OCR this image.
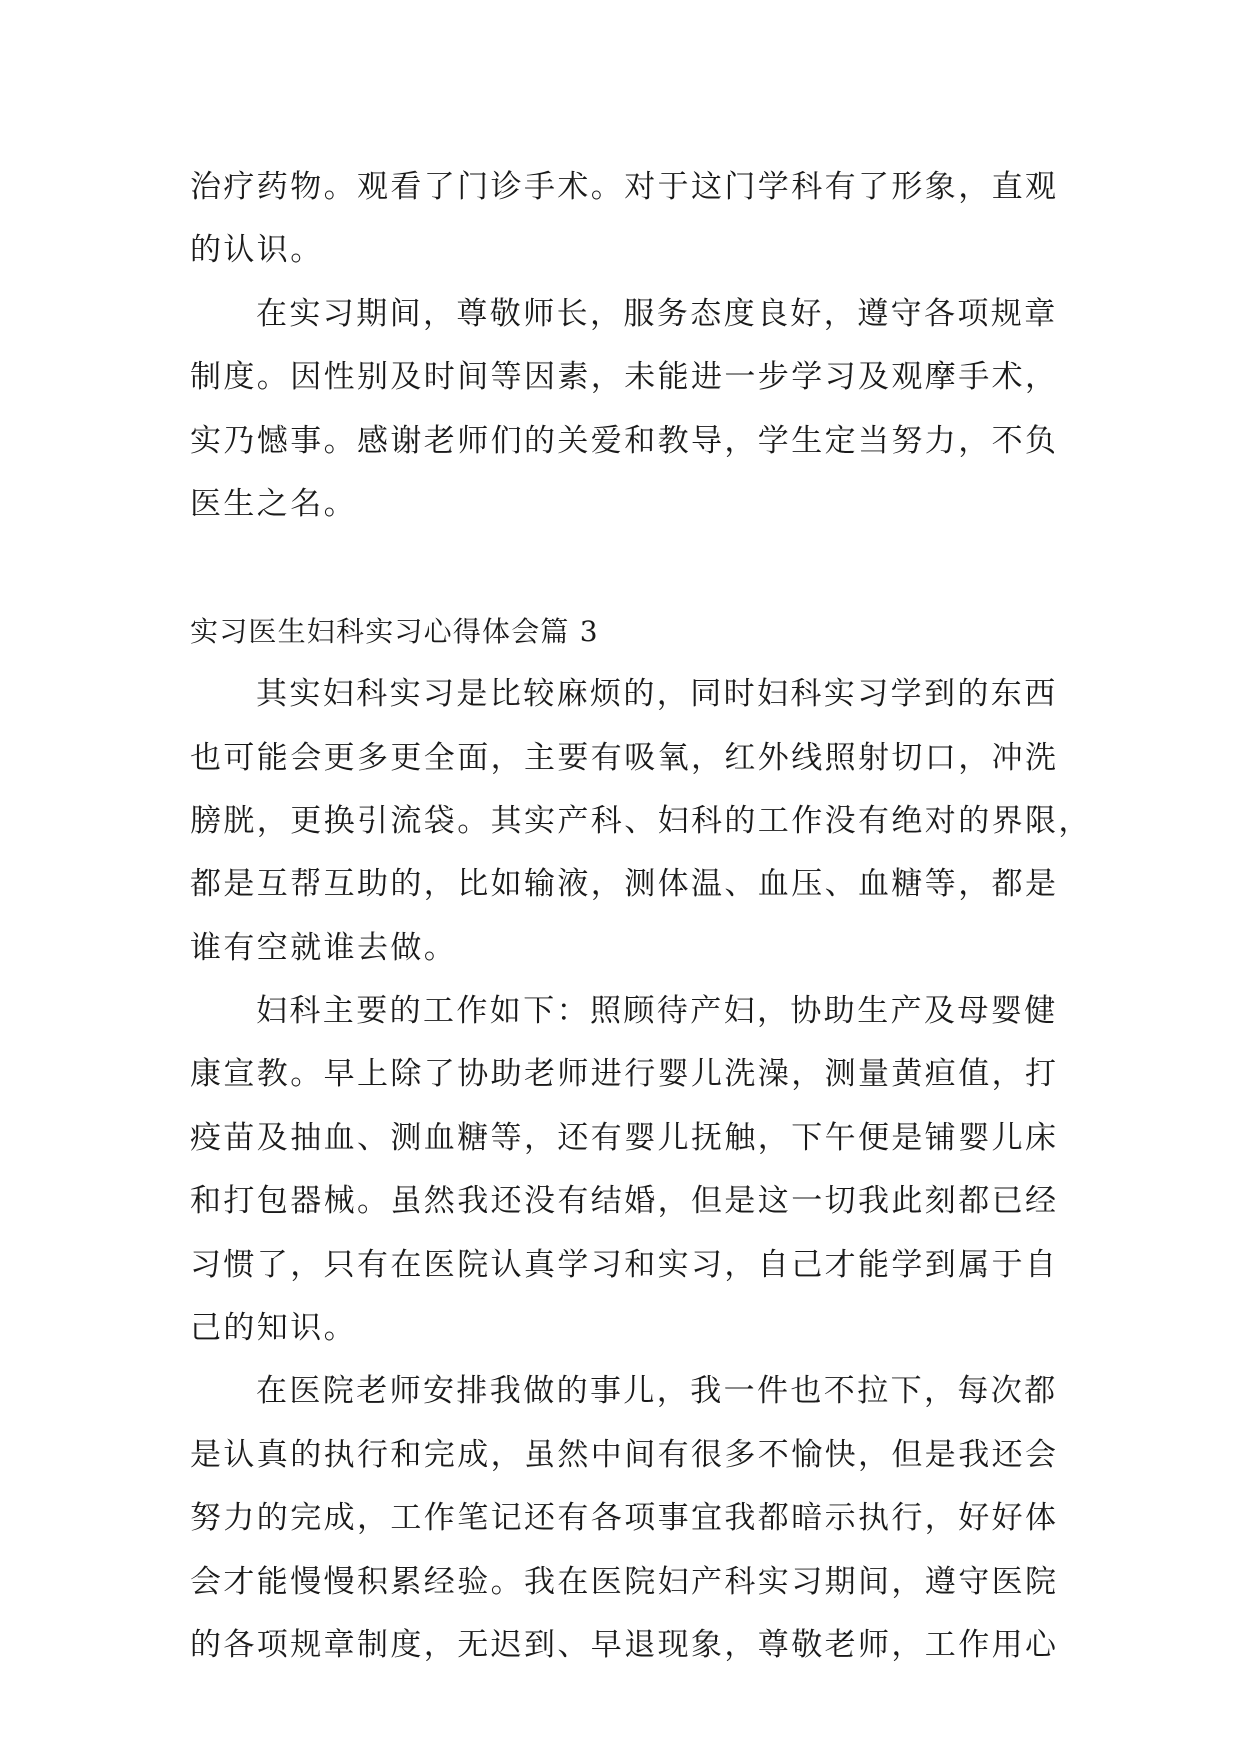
治疗药物。观看了门诊手术。对于这门学科有了形象，直观
的认识。
在实习期间，尊敬师长，服务态度良好，遵守各项规章
制度。因性别及时间等因素，未能进一步学习及观摩手术，
实乃憾事。感谢老师们的关爱和教导，学生定当努力，不负
医生之名。
实习医生妇科实习心得体会篇 3
其实妇科实习是比较麻烦的，同时妇科实习学到的东西
也可能会更多更全面，主要有吸氧，红外线照射切口，冲洗
膀胱，更换引流袋。其实产科、妇科的工作没有绝对的界限，
都是互帮互助的，比如输液，测体温、血压、血糖等，都是
谁有空就谁去做。
妇科主要的工作如下：照顾待产妇，协助生产及母婴健
康宣教。早上除了协助老师进行婴儿洗澡，测量黄疸值，打
疫苗及抽血、测血糖等，还有婴儿抚触，下午便是铺婴儿床
和打包器械。虽然我还没有结婚，但是这一切我此刻都已经
习惯了，只有在医院认真学习和实习，自己才能学到属于自
己的知识。
在医院老师安排我做的事儿，我一件也不拉下，每次都
是认真的执行和完成，虽然中间有很多不愉快，但是我还会
努力的完成，工作笔记还有各项事宜我都暗示执行，好好体
会才能慢慢积累经验。我在医院妇产科实习期间，遵守医院
的各项规章制度，无迟到、早退现象，尊敬老师，工作用心
